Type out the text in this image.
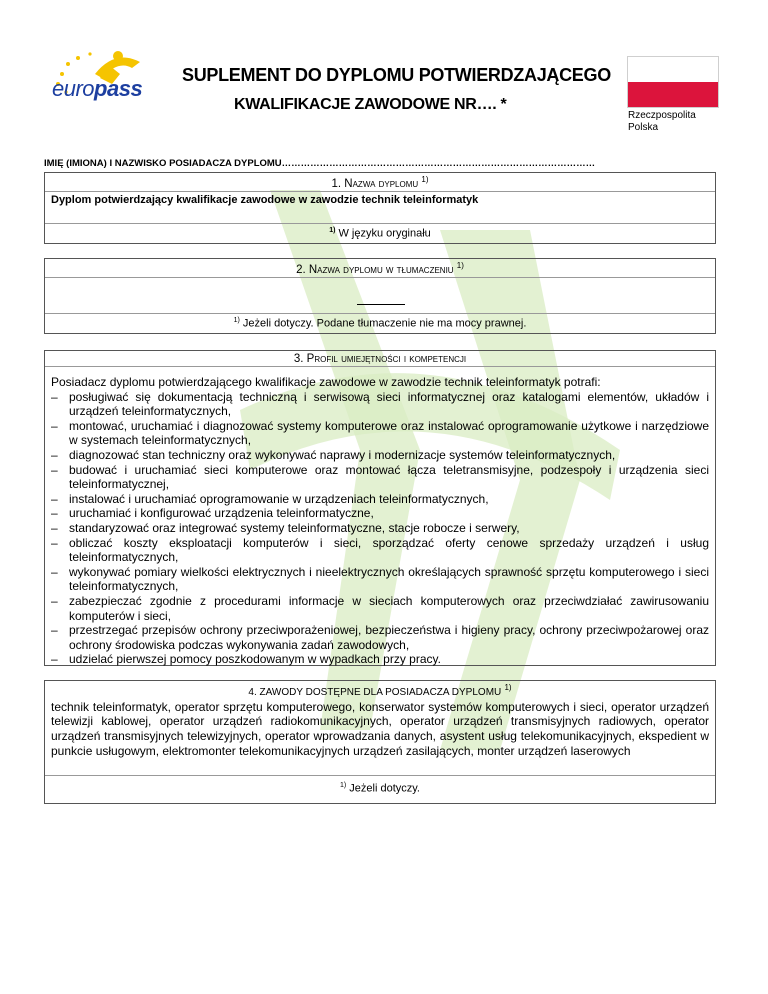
europass
SUPLEMENT DO DYPLOMU POTWIERDZAJĄCEGO
KWALIFIKACJE ZAWODOWE NR…. *
Rzeczpospolita
Polska
IMIĘ (IMIONA) I NAZWISKO POSIADACZA DYPLOMU………………………………………………………………………………………
1. Nazwa dyplomu $^{1)}$
Dyplom potwierdzający kwalifikacje zawodowe w zawodzie technik teleinformatyk
$^{1)}$ W języku oryginału
2. Nazwa dyplomu w tłumaczeniu $^{1)}$
$^{1)}$ Jeżeli dotyczy. Podane tłumaczenie nie ma mocy prawnej.
3. Profil umiejętności i kompetencji
Posiadacz dyplomu potwierdzającego kwalifikacje zawodowe w zawodzie technik teleinformatyk potrafi:
– posługiwać się dokumentacją techniczną i serwisową sieci informatycznej oraz katalogami elementów, układów i urządzeń teleinformatycznych,
– montować, uruchamiać i diagnozować systemy komputerowe oraz instalować oprogramowanie użytkowe i narzędziowe w systemach teleinformatycznych,
– diagnozować stan techniczny oraz wykonywać naprawy i modernizacje systemów teleinformatycznych,
– budować i uruchamiać sieci komputerowe oraz montować łącza teletransmisyjne, podzespoły i urządzenia sieci teleinformatycznej,
– instalować i uruchamiać oprogramowanie w urządzeniach teleinformatycznych,
– uruchamiać i konfigurować urządzenia teleinformatyczne,
– standaryzować oraz integrować systemy teleinformatyczne, stacje robocze i serwery,
– obliczać koszty eksploatacji komputerów i sieci, sporządzać oferty cenowe sprzedaży urządzeń i usług teleinformatycznych,
– wykonywać pomiary wielkości elektrycznych i nieelektrycznych określających sprawność sprzętu komputerowego i sieci teleinformatycznych,
– zabezpieczać zgodnie z procedurami informacje w sieciach komputerowych oraz przeciwdziałać zawirusowaniu komputerów i sieci,
– przestrzegać przepisów ochrony przeciwporażeniowej, bezpieczeństwa i higieny pracy, ochrony przeciwpożarowej oraz ochrony środowiska podczas wykonywania zadań zawodowych,
– udzielać pierwszej pomocy poszkodowanym w wypadkach przy pracy.
4. ZAWODY DOSTĘPNE DLA POSIADACZA DYPLOMU $^{1)}$
technik teleinformatyk, operator sprzętu komputerowego, konserwator systemów komputerowych i sieci, operator urządzeń telewizji kablowej, operator urządzeń radiokomunikacyjnych, operator urządzeń transmisyjnych radiowych, operator urządzeń transmisyjnych telewizyjnych, operator wprowadzania danych, asystent usług telekomunikacyjnych, ekspedient w punkcie usługowym, elektromonter telekomunikacyjnych urządzeń zasilających, monter urządzeń laserowych
$^{1)}$ Jeżeli dotyczy.
